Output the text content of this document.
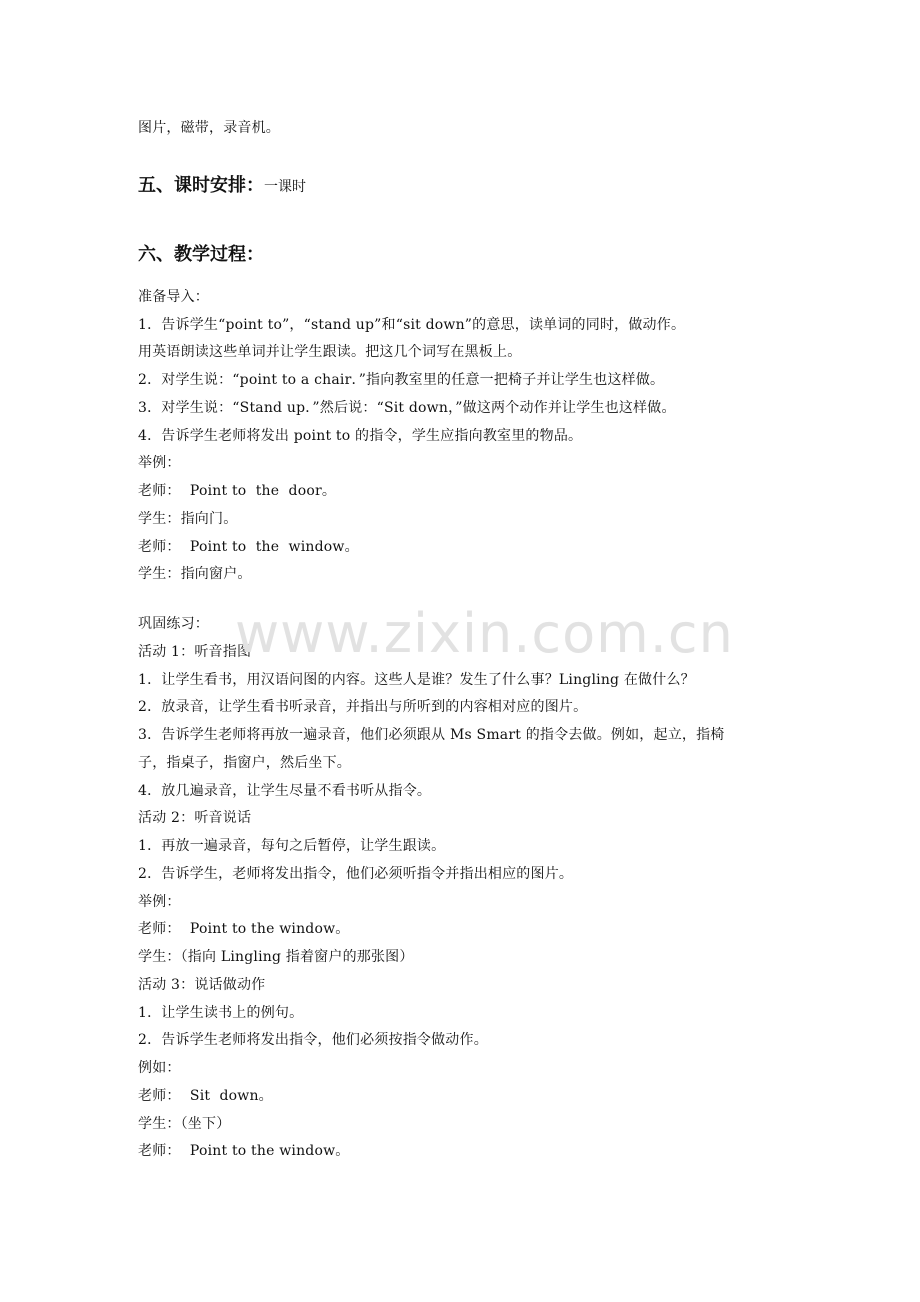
图片，磁带，录音机。
五、课时安排：一课时
六、教学过程：
准备导入：
1．告诉学生“point to”，“stand up”和“sit down”的意思，读单词的同时，做动作。
用英语朗读这些单词并让学生跟读。把这几个词写在黑板上。
2．对学生说：“point to a chair．”指向教室里的任意一把椅子并让学生也这样做。
3．对学生说：“Stand up．”然后说：“Sit down，”做这两个动作并让学生也这样做。
4．告诉学生老师将发出 point to 的指令，学生应指向教室里的物品。
举例：
老师：  Point to  the  door。
学生：指向门。
老师：  Point to  the  window。
学生：指向窗户。
巩固练习：
活动 1：听音指图
1．让学生看书，用汉语问图的内容。这些人是谁？发生了什么事？Lingling 在做什么？
2．放录音，让学生看书听录音，并指出与所听到的内容相对应的图片。
3．告诉学生老师将再放一遍录音，他们必须跟从 Ms Smart 的指令去做。例如，起立，指椅
子，指桌子，指窗户，然后坐下。
4．放几遍录音，让学生尽量不看书听从指令。
活动 2：听音说话
1．再放一遍录音，每句之后暂停，让学生跟读。
2．告诉学生，老师将发出指令，他们必须听指令并指出相应的图片。
举例：
老师：  Point to the window。
学生：（指向 Lingling 指着窗户的那张图）
活动 3：说话做动作
1．让学生读书上的例句。
2．告诉学生老师将发出指令，他们必须按指令做动作。
例如：
老师：  Sit  down。
学生：（坐下）
老师：  Point to the window。
www.zixin.com.cn
